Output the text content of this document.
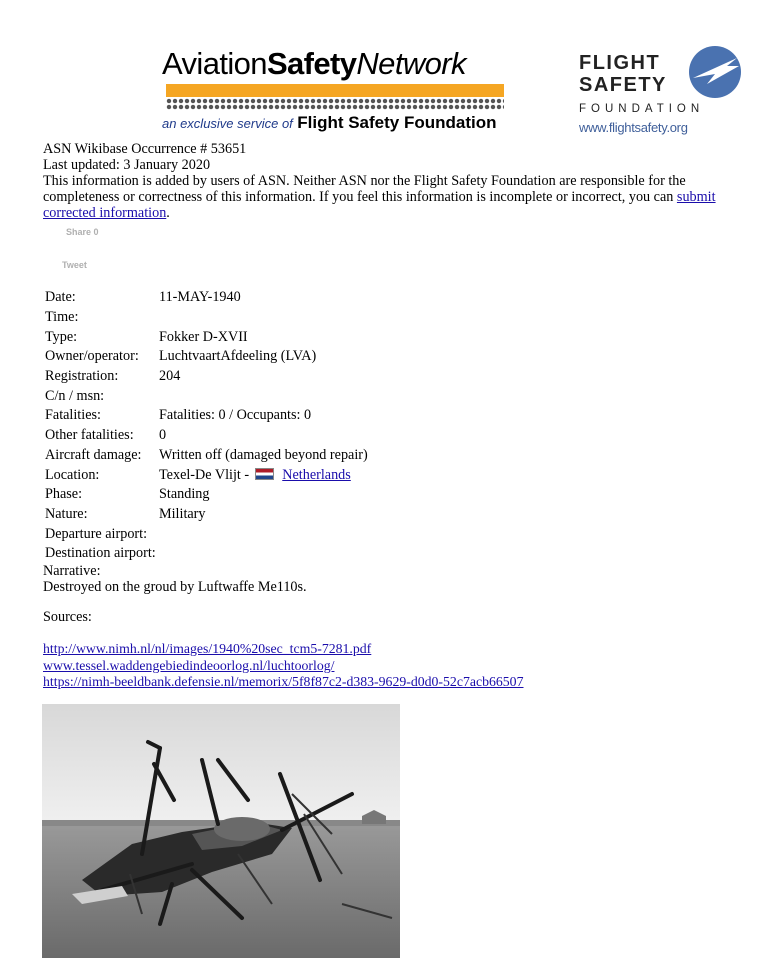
AviationSafetyNetwork
an exclusive service of Flight Safety Foundation
FLIGHT
SAFETY
FOUNDATION
www.flightsafety.org
ASN Wikibase Occurrence # 53651
Last updated: 3 January 2020
This information is added by users of ASN. Neither ASN nor the Flight Safety Foundation are responsible for the completeness or correctness of this information. If you feel this information is incomplete or incorrect, you can submit corrected information.
Share 0
Tweet
Date:	11-MAY-1940
Time:	
Type:	Fokker D-XVII
Owner/operator:	LuchtvaartAfdeeling (LVA)
Registration:	204
C/n / msn:	
Fatalities:	Fatalities: 0 / Occupants: 0
Other fatalities:	0
Aircraft damage:	Written off (damaged beyond repair)
Location:	Texel-De Vlijt - Netherlands
Phase:	Standing
Nature:	Military
Departure airport:	
Destination airport:	
Narrative:
Destroyed on the groud by Luftwaffe Me110s.
Sources:
http://www.nimh.nl/nl/images/1940%20sec_tcm5-7281.pdf
www.tessel.waddengebiedindeoorlog.nl/luchtoorlog/
https://nimh-beeldbank.defensie.nl/memorix/5f8f87c2-d383-9629-d0d0-52c7acb66507
